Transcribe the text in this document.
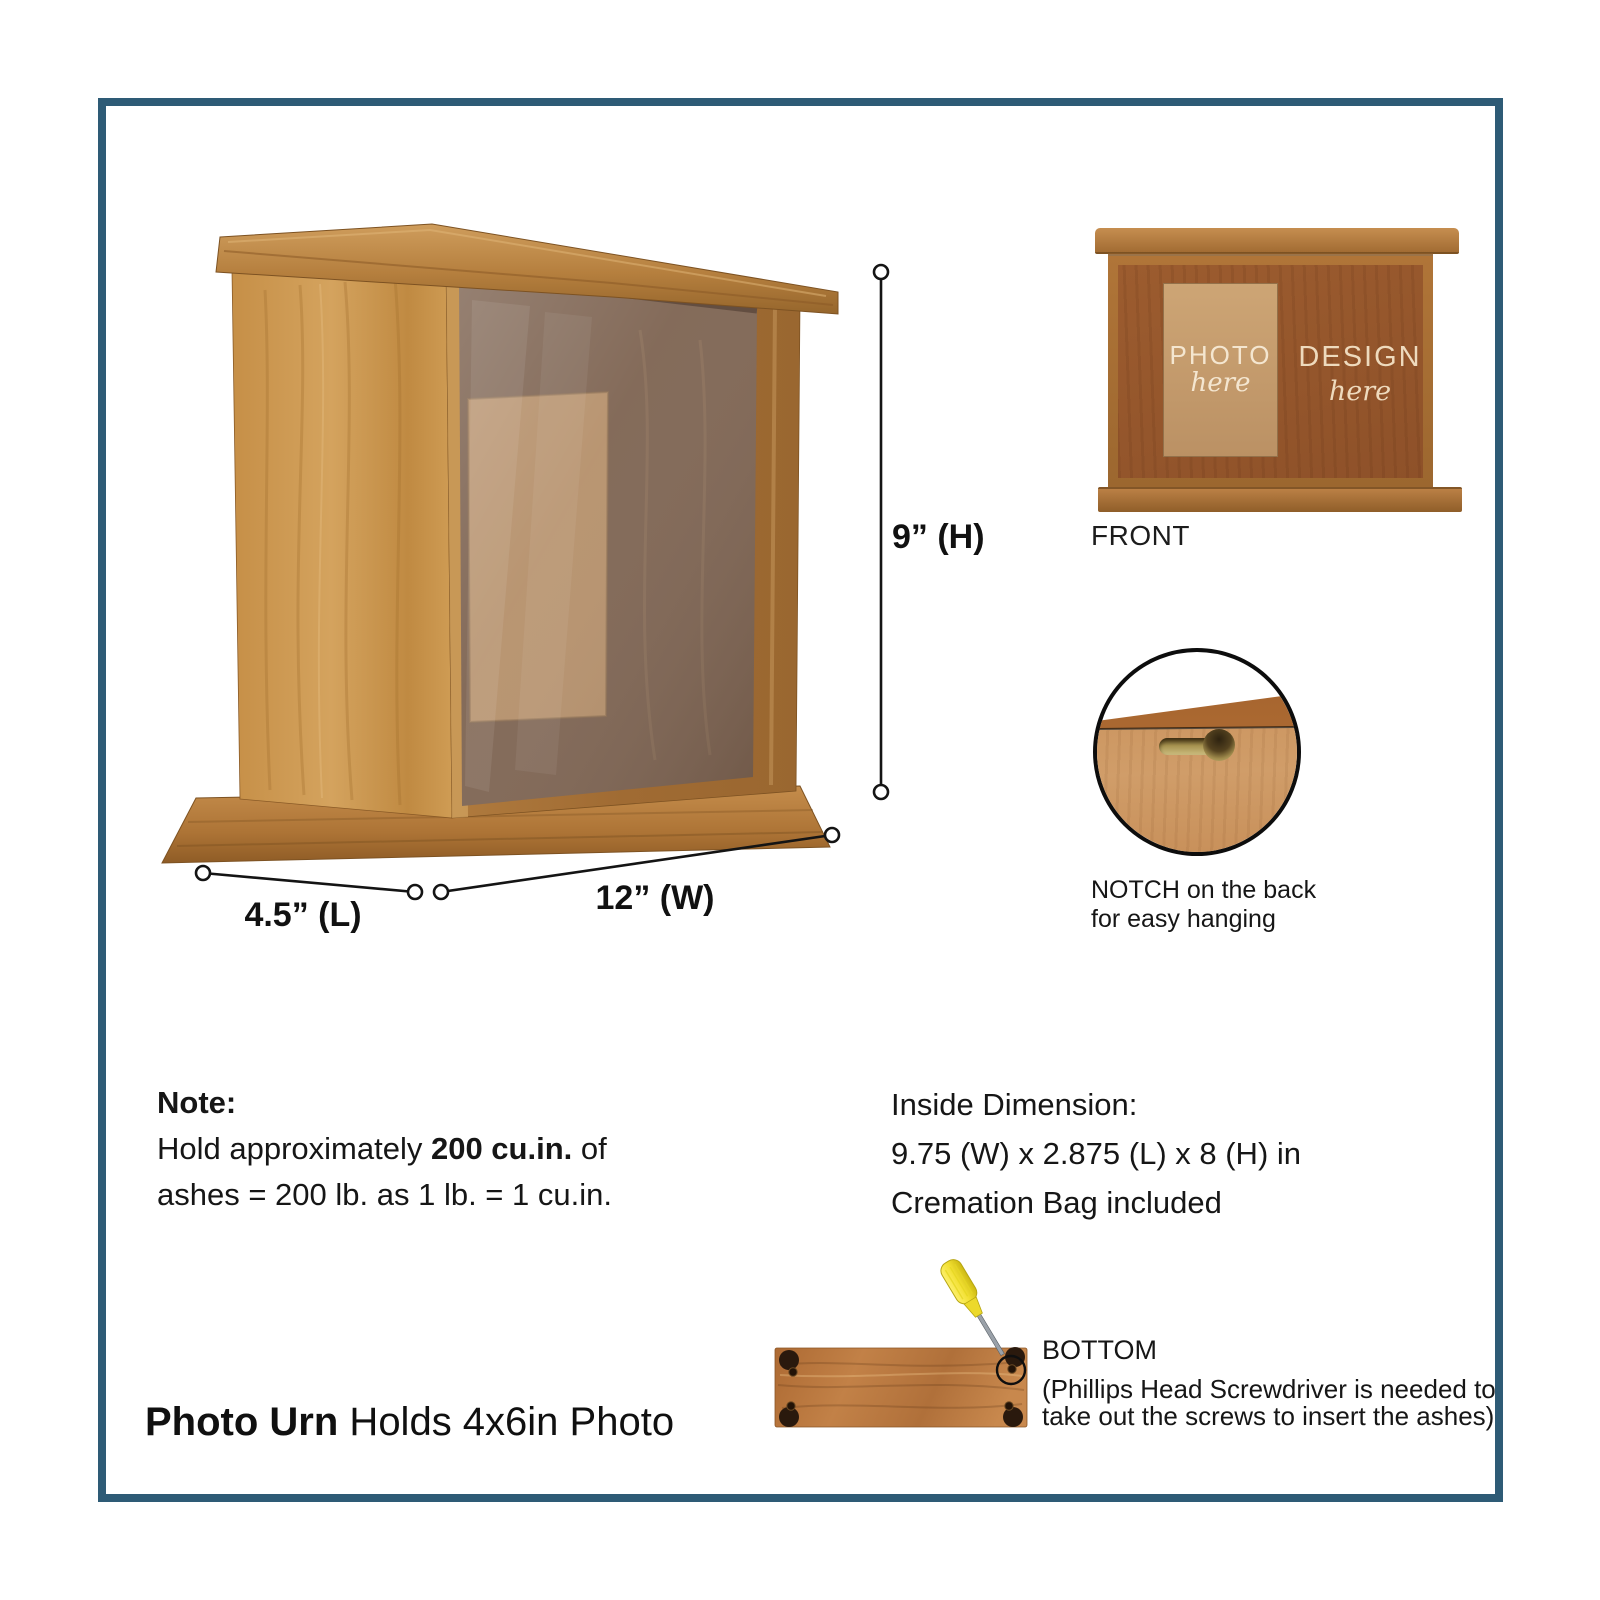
9” (H)
4.5” (L)	12” (W)
PHOTO
here
DESIGN
here
FRONT
NOTCH on the back
for easy hanging
Note:
Hold approximately 200 cu.in. of
ashes = 200 lb. as 1 lb. = 1 cu.in.
Inside Dimension:
9.75 (W) x 2.875 (L) x 8 (H) in
Cremation Bag included
BOTTOM
(Phillips Head Screwdriver is needed to
take out the screws to insert the ashes)
Photo Urn Holds 4x6in Photo
